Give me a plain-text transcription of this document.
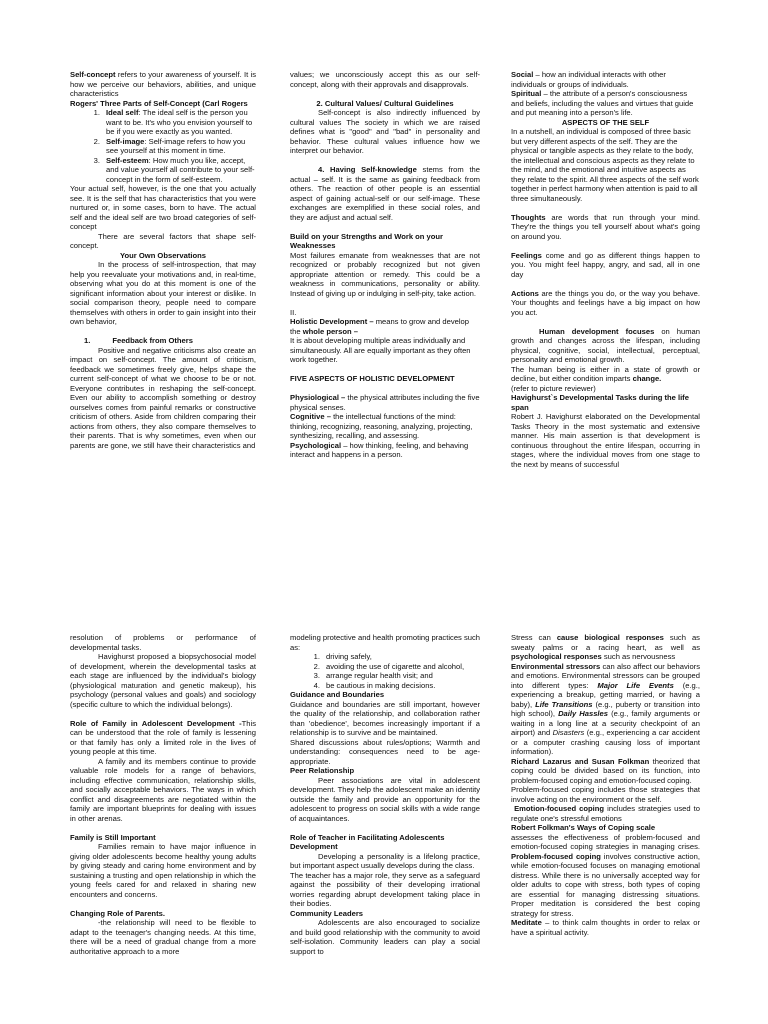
Self-concept refers to your awareness of yourself. It is how we perceive our behaviors, abilities, and unique characteristics

Rogers' Three Parts of Self-Concept (Carl Rogers

1. Ideal self: The ideal self is the person you want to be. It's who you envision yourself to be if you were exactly as you wanted.
2. Self-image: Self-image refers to how you see yourself at this moment in time.
3. Self-esteem: How much you like, accept, and value yourself all contribute to your self-concept in the form of self-esteem.

Your actual self, however, is the one that you actually see. It is the self that has characteristics that you were nurtured or, in some cases, born to have. The actual self and the ideal self are two broad categories of self-concept

There are several factors that shape self-concept.

Your Own Observations

In the process of self-introspection, that may help you reevaluate your motivations and, in real-time, observing what you do at this moment is one of the significant information about your interest or dislike. In social comparison theory, people need to compare themselves with others in order to gain insight into their own behavior,

1.	Feedback from Others

Positive and negative criticisms also create an impact on self-concept. The amount of criticism, feedback we sometimes freely give, helps shape the current self-concept of what we choose to be or not. Everyone contributes in reshaping the self-concept. Even our ability to accomplish something or destroy ourselves comes from painful remarks or constructive criticism of others. Aside from children comparing their actions from others, they also compare themselves to their parents. That is why sometimes, even when our parents are gone, we still have their characteristics and

values; we unconsciously accept this as our self-concept, along with their approvals and disapprovals.

2. Cultural Values/ Cultural Guidelines

Self-concept is also indirectly influenced by cultural values The society in which we are raised defines what is "good" and "bad" in personality and behavior. These cultural values influence how we interpret our behavior.

4. Having Self-knowledge stems from the actual – self. It is the same as gaining feedback from others. The reaction of other people is an essential aspect of gaining actual-self or our self-image. These exchanges are exemplified in these social roles, and they are adjust and actual self.

Build on your Strengths and Work on your Weaknesses

Most failures emanate from weaknesses that are not recognized or probably recognized but not given appropriate attention or remedy. This could be a weakness in communications, personality or ability. Instead of giving up or indulging in self-pity, take action.

II.

Holistic Development – means to grow and develop the whole person –

It is about developing multiple areas individually and simultaneously. All are equally important as they often work together.

FIVE ASPECTS OF HOLISTIC DEVELOPMENT

Physiological – the physical attributes including the five physical senses.

Cognitive – the intellectual functions of the mind: thinking, recognizing, reasoning, analyzing, projecting, synthesizing, recalling, and assessing.

Psychological – how thinking, feeling, and behaving interact and happens in a person.

Social – how an individual interacts with other individuals or groups of individuals.

Spiritual – the attribute of a person's consciousness and beliefs, including the values and virtues that guide and put meaning into a person's life.

ASPECTS OF THE SELF

In a nutshell, an individual is composed of three basic but very different aspects of the self. They are the physical or tangible aspects as they relate to the body, the intellectual and conscious aspects as they relate to the mind, and the emotional and intuitive aspects as they relate to the spirit. All three aspects of the self work together in perfect harmony when attention is paid to all three simultaneously.

Thoughts are words that run through your mind. They're the things you tell yourself about what's going on around you.

Feelings come and go as different things happen to you. You might feel happy, angry, and sad, all in one day

Actions are the things you do, or the way you behave. Your thoughts and feelings have a big impact on how you act.

Human development focuses on human growth and changes across the lifespan, including physical, cognitive, social, intellectual, perceptual, personality and emotional growth.

The human being is either in a state of growth or decline, but either condition imparts change.

(refer to picture reviewer)

Havighurst`s Developmental Tasks during the life span

Robert J. Havighurst elaborated on the Developmental Tasks Theory in the most systematic and extensive manner. His main assertion is that development is continuous throughout the entire lifespan, occurring in stages, where the individual moves from one stage to the next by means of successful

resolution of problems or performance of developmental tasks.

Havighurst proposed a biopsychosocial model of development, wherein the developmental tasks at each stage are influenced by the individual's biology (physiological maturation and genetic makeup), his psychology (personal values and goals) and sociology (specific culture to which the individual belongs).

Role of Family in Adolescent Development -This can be understood that the role of family is lessening or that family has only a limited role in the lives of young people at this time.

A family and its members continue to provide valuable role models for a range of behaviors, including effective communication, relationship skills, and socially acceptable behaviors. The ways in which conflict and disagreements are negotiated within the family are important blueprints for dealing with issues in other arenas.

Family is Still Important

Families remain to have major influence in giving older adolescents become healthy young adults by giving steady and caring home environment and by sustaining a trusting and open relationship in which the young feels cared for and relaxed in sharing new encounters and concerns.

Changing Role of Parents.

-the relationship will need to be flexible to adapt to the teenager's changing needs. At this time, there will be a need of gradual change from a more authoritative approach to a more

modeling protective and health promoting practices such as:

1. driving safely,
2. avoiding the use of cigarette and alcohol,
3. arrange regular health visit; and
4. be cautious in making decisions.

Guidance and Boundaries

Guidance and boundaries are still important, however the quality of the relationship, and collaboration rather than 'obedience', becomes increasingly important if a relationship is to survive and be maintained.

Shared discussions about rules/options; Warmth and understanding: consequences need to be age-appropriate.

Peer Relationship

Peer associations are vital in adolescent development. They help the adolescent make an identity outside the family and provide an opportunity for the adolescent to progress on social skills with a wide range of acquaintances.

Role of Teacher in Facilitating Adolescents Development

Developing a personality is a lifelong practice, but important aspect usually develops during the class.

The teacher has a major role, they serve as a safeguard against the possibility of their developing irrational worries regarding abrupt development taking place in their bodies.

Community Leaders

Adolescents are also encouraged to socialize and build good relationship with the community to avoid self-isolation. Community leaders can play a social support to

Stress can cause biological responses such as sweaty palms or a racing heart, as well as psychological responses such as nervousness

Environmental stressors can also affect our behaviors and emotions. Environmental stressors can be grouped into different types: Major Life Events (e.g., experiencing a breakup, getting married, or having a baby), Life Transitions (e.g., puberty or transition into high school), Daily Hassles (e.g., family arguments or waiting in a long line at a security checkpoint of an airport) and Disasters (e.g., experiencing a car accident or a computer crashing causing loss of important information).

Richard Lazarus and Susan Folkman theorized that coping could be divided based on its function, into problem-focused coping and emotion-focused coping.

Problem-focused coping includes those strategies that involve acting on the environment or the self.

Emotion-focused coping includes strategies used to regulate one's stressful emotions

Robert Folkman's Ways of Coping scale

assesses the effectiveness of problem-focused and emotion-focused coping strategies in managing crises. Problem-focused coping involves constructive action, while emotion-focused focuses on managing emotional distress. While there is no universally accepted way for older adults to cope with stress, both types of coping are essential for managing distressing situations. Proper meditation is considered the best coping strategy for stress.

Meditate – to think calm thoughts in order to relax or have a spiritual activity.
